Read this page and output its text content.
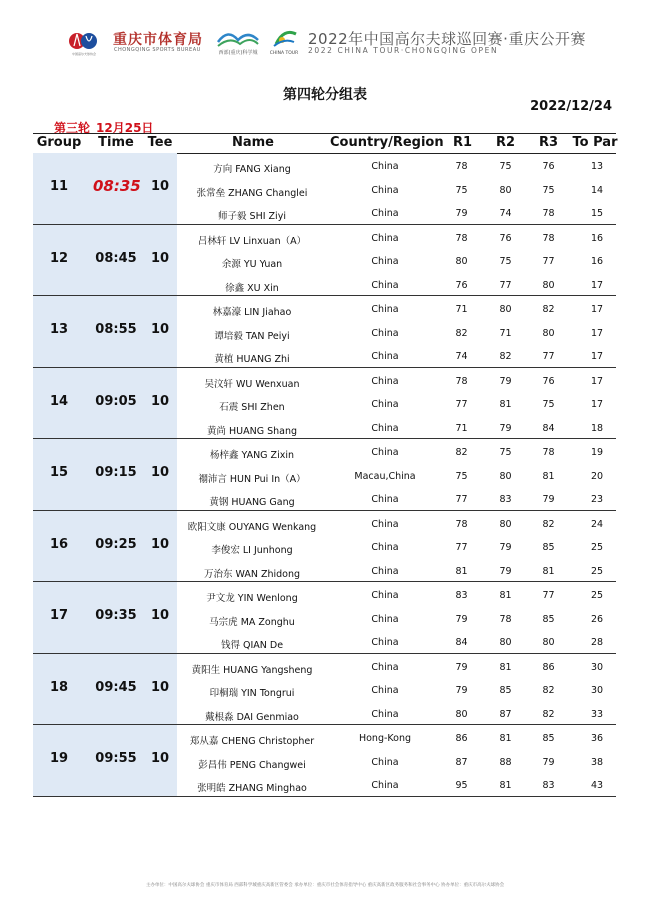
中国高尔夫球协会
重庆市体育局
CHONGQING SPORTS BUREAU	西部(重庆)科学城	CHINA TOUR
2022年中国高尔夫球巡回赛·重庆公开赛
2022 CHINA TOUR·CHONGQING OPEN
第四轮分组表
2022/12/24
第三轮 12月25日
Group	Time	Tee	Name	Country/Region R1 R2 R3 To Par
11	08:35 10
方向 FANG Xiang	China	78	75	76	13
张常垒 ZHANG Changlei	China	75	80	75	14
师子毅 SHI Ziyi	China	79	74	78	15
12	08:45	10
吕林轩 LV Linxuan（A）	China	78	76	78	16
余源 YU Yuan	China	80	75	77	16
徐鑫 XU Xin	China	76	77	80	17
13	08:55	10
林嘉濠 LIN Jiahao	China	71	80	82	17
谭培毅 TAN Peiyi	China	82	71	80	17
黄植 HUANG Zhi	China	74	82	77	17
14	09:05	10
吴汶轩 WU Wenxuan	China	78	79	76	17
石震 SHI Zhen	China	77	81	75	17
黄尚 HUANG Shang	China	71	79	84	18
15	09:15	10
杨梓鑫 YANG Zixin	China	82	75	78	19
禤沛言 HUN Pui In（A）	Macau,China	75	80	81	20
黄钢 HUANG Gang	China	77	83	79	23
16	09:25	10
欧阳文康 OUYANG Wenkang	China	78	80	82	24
李俊宏 LI Junhong	China	77	79	85	25
万治东 WAN Zhidong	China	81	79	81	25
17	09:35	10
尹文龙 YIN Wenlong	China	83	81	77	25
马宗虎 MA Zonghu	China	79	78	85	26
钱得 QIAN De	China	84	80	80	28
18	09:45	10
黄阳生 HUANG Yangsheng	China	79	81	86	30
印桐瑞 YIN Tongrui	China	79	85	82	30
戴根淼 DAI Genmiao	China	80	87	82	33
19	09:55	10
郑从嘉 CHENG Christopher	Hong-Kong	86	81	85	36
彭昌伟 PENG Changwei	China	87	88	79	38
张明皓 ZHANG Minghao	China	95	81	83	43
主办单位：中国高尔夫球协会 重庆市体育局 西部科学城重庆高新区管委会 承办单位：重庆市社会体育指导中心 重庆高新区政务服务和社会事务中心 协办单位：重庆市高尔夫球协会
